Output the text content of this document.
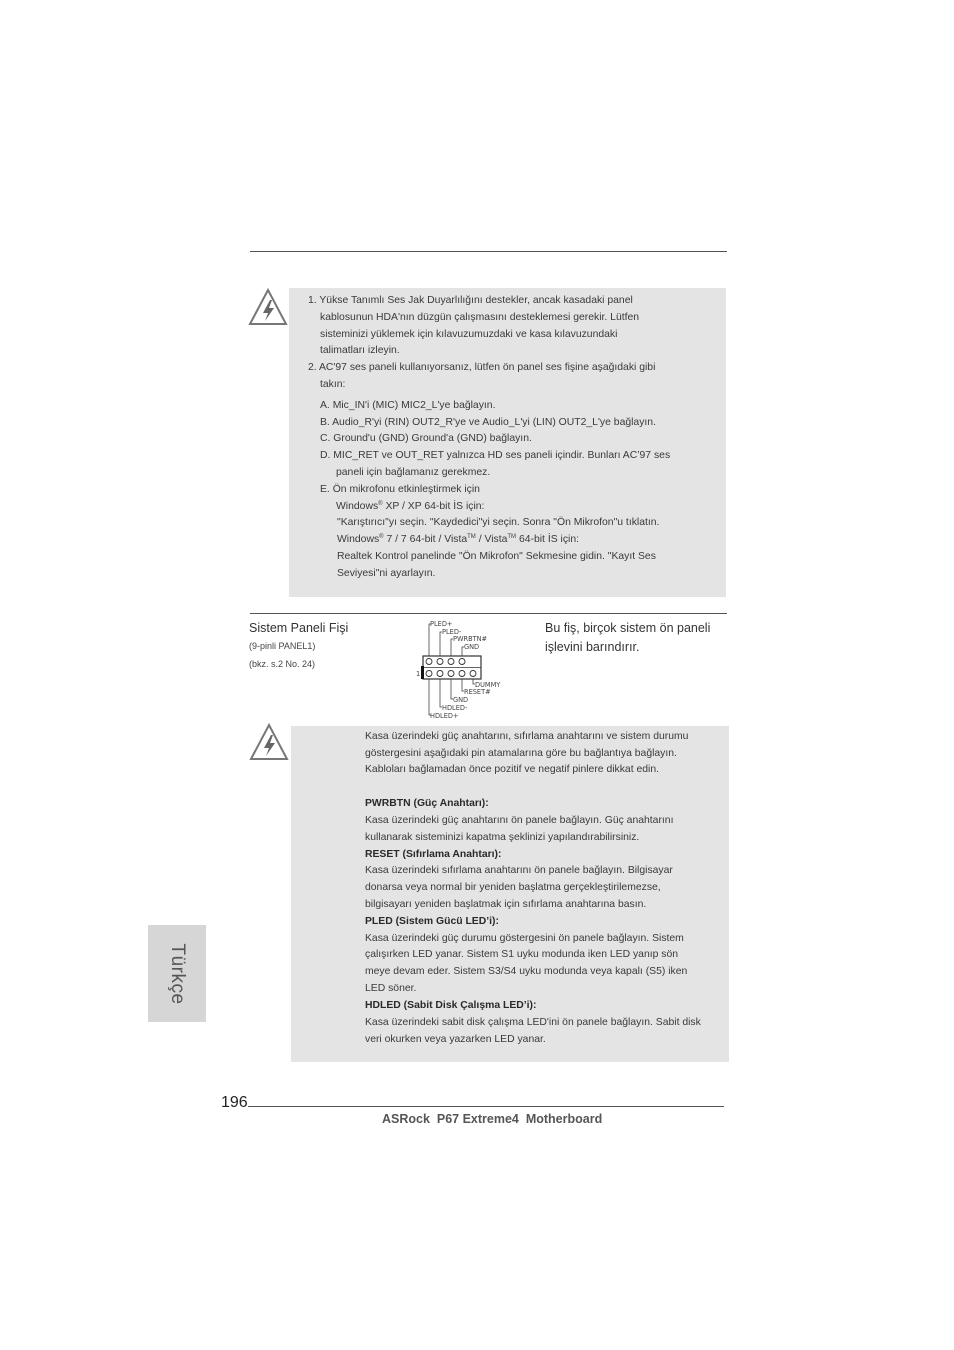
1. Yükse Tanımlı Ses Jak Duyarlılığını destekler, ancak kasadaki panel
kablosunun HDA'nın düzgün çalışmasını desteklemesi gerekir. Lütfen
sisteminizi yüklemek için kılavuzumuzdaki ve kasa kılavuzundaki
talimatları izleyin.
2. AC'97 ses paneli kullanıyorsanız, lütfen ön panel ses fişine aşağıdaki gibi
takın:
A. Mic_IN'i (MIC) MIC2_L'ye bağlayın.
B. Audio_R'yi (RIN) OUT2_R'ye ve Audio_L'yi (LIN) OUT2_L'ye bağlayın.
C. Ground'u (GND) Ground'a (GND) bağlayın.
D. MIC_RET ve OUT_RET yalnızca HD ses paneli içindir. Bunları AC’97 ses
paneli için bağlamanız gerekmez.
E. Ön mikrofonu etkinleştirmek için
Windows® XP / XP 64-bit İS için:
"Karıştırıcı"yı seçin. "Kaydedici"yi seçin. Sonra "Ön Mikrofon"u tıklatın.
Windows® 7 / 7 64-bit / Vista™ / Vista™ 64-bit İS için:
Realtek Kontrol panelinde "Ön Mikrofon" Sekmesine gidin. "Kayıt Ses
Seviyesi"ni ayarlayın.
Sistem Paneli Fişi
(9-pinli PANEL1)
(bkz. s.2 No. 24)
Bu fiş, birçok sistem ön paneli
işlevini barındırır.
1
PLED+
PLED-
PWRBTN#
GND
DUMMY
RESET#
GND
HDLED-
HDLED+
Kasa üzerindeki güç anahtarını, sıfırlama anahtarını ve sistem durumu
göstergesini aşağıdaki pin atamalarına göre bu bağlantıya bağlayın.
Kabloları bağlamadan önce pozitif ve negatif pinlere dikkat edin.
PWRBTN (Güç Anahtarı):
Kasa üzerindeki güç anahtarını ön panele bağlayın. Güç anahtarını
kullanarak sisteminizi kapatma şeklinizi yapılandırabilirsiniz.
RESET (Sıfırlama Anahtarı):
Kasa üzerindeki sıfırlama anahtarını ön panele bağlayın. Bilgisayar
donarsa veya normal bir yeniden başlatma gerçekleştirilemezse,
bilgisayarı yeniden başlatmak için sıfırlama anahtarına basın.
PLED (Sistem Gücü LED’i):
Kasa üzerindeki güç durumu göstergesini ön panele bağlayın. Sistem
çalışırken LED yanar. Sistem S1 uyku modunda iken LED yanıp sön
meye devam eder. Sistem S3/S4 uyku modunda veya kapalı (S5) iken
LED söner.
HDLED (Sabit Disk Çalışma LED’i):
Kasa üzerindeki sabit disk çalışma LED'ini ön panele bağlayın. Sabit disk
veri okurken veya yazarken LED yanar.
Türkçe
196
ASRock  P67 Extreme4  Motherboard
